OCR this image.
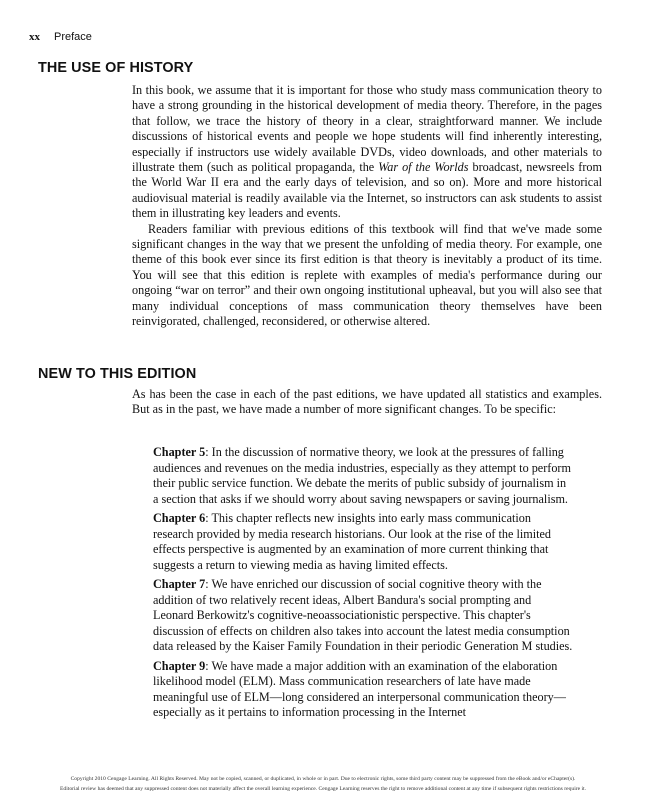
xx Preface
THE USE OF HISTORY

In this book, we assume that it is important for those who study mass communication theory to have a strong grounding in the historical development of media theory. Therefore, in the pages that follow, we trace the history of theory in a clear, straightforward manner. We include discussions of historical events and people we hope students will find inherently interesting, especially if instructors use widely available DVDs, video downloads, and other materials to illustrate them (such as political propaganda, the War of the Worlds broadcast, newsreels from the World War II era and the early days of television, and so on). More and more historical audiovisual material is readily available via the Internet, so instructors can ask students to assist them in illustrating key leaders and events.

Readers familiar with previous editions of this textbook will find that we've made some significant changes in the way that we present the unfolding of media theory. For example, one theme of this book ever since its first edition is that theory is inevitably a product of its time. You will see that this edition is replete with examples of media's performance during our ongoing “war on terror” and their own ongoing institutional upheaval, but you will also see that many individual conceptions of mass communication theory themselves have been reinvigorated, challenged, reconsidered, or otherwise altered.

NEW TO THIS EDITION

As has been the case in each of the past editions, we have updated all statistics and examples. But as in the past, we have made a number of more significant changes. To be specific:

Chapter 5: In the discussion of normative theory, we look at the pressures of falling audiences and revenues on the media industries, especially as they attempt to perform their public service function. We debate the merits of public subsidy of journalism in a section that asks if we should worry about saving newspapers or saving journalism.

Chapter 6: This chapter reflects new insights into early mass communication research provided by media research historians. Our look at the rise of the limited effects perspective is augmented by an examination of more current thinking that suggests a return to viewing media as having limited effects.

Chapter 7: We have enriched our discussion of social cognitive theory with the addition of two relatively recent ideas, Albert Bandura's social prompting and Leonard Berkowitz's cognitive-neoassociationistic perspective. This chapter's discussion of effects on children also takes into account the latest media consumption data released by the Kaiser Family Foundation in their periodic Generation M studies.

Chapter 9: We have made a major addition with an examination of the elaboration likelihood model (ELM). Mass communication researchers of late have made meaningful use of ELM—long considered an interpersonal communication theory—especially as it pertains to information processing in the Internet

Copyright 2010 Cengage Learning. All Rights Reserved. May not be copied, scanned, or duplicated, in whole or in part. Due to electronic rights, some third party content may be suppressed from the eBook and/or eChapter(s).
Editorial review has deemed that any suppressed content does not materially affect the overall learning experience. Cengage Learning reserves the right to remove additional content at any time if subsequent rights restrictions require it.
